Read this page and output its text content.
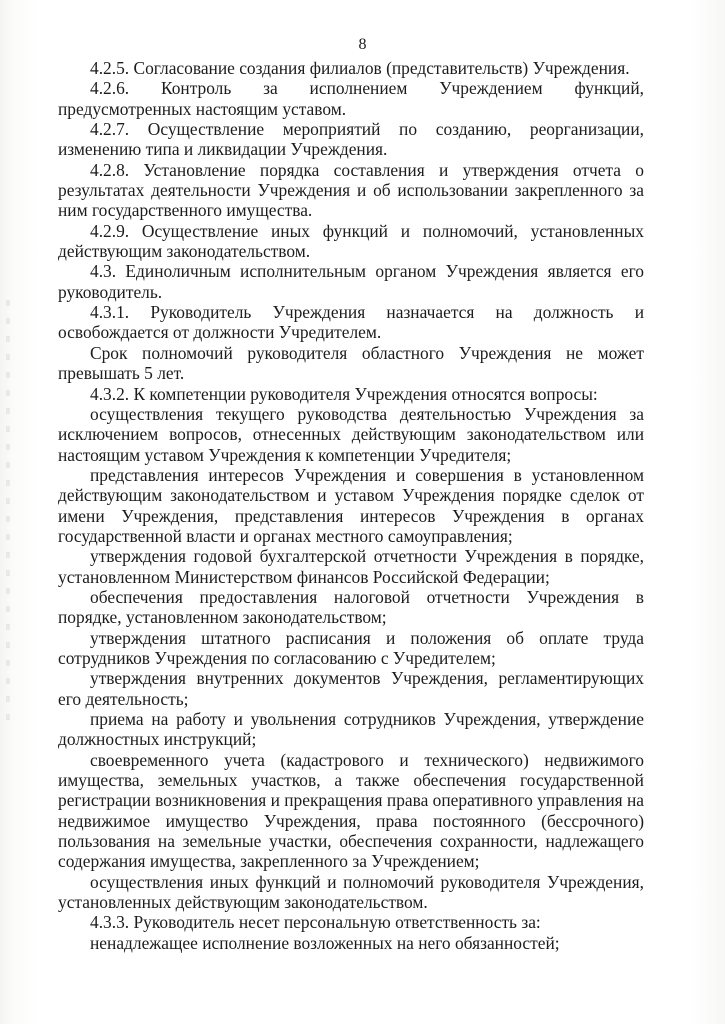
8

4.2.5. Согласование создания филиалов (представительств) Учреждения.

4.2.6. Контроль за исполнением Учреждением функций, предусмотренных настоящим уставом.

4.2.7. Осуществление мероприятий по созданию, реорганизации, изменению типа и ликвидации Учреждения.

4.2.8. Установление порядка составления и утверждения отчета о результатах деятельности Учреждения и об использовании закрепленного за ним государственного имущества.

4.2.9. Осуществление иных функций и полномочий, установленных действующим законодательством.

4.3. Единоличным исполнительным органом Учреждения является его руководитель.

4.3.1. Руководитель Учреждения назначается на должность и освобождается от должности Учредителем.

Срок полномочий руководителя областного Учреждения не может превышать 5 лет.

4.3.2. К компетенции руководителя Учреждения относятся вопросы:

осуществления текущего руководства деятельностью Учреждения за исключением вопросов, отнесенных действующим законодательством или настоящим уставом Учреждения к компетенции Учредителя;

представления интересов Учреждения и совершения в установленном действующим законодательством и уставом Учреждения порядке сделок от имени Учреждения, представления интересов Учреждения в органах государственной власти и органах местного самоуправления;

утверждения годовой бухгалтерской отчетности Учреждения в порядке, установленном Министерством финансов Российской Федерации;

обеспечения предоставления налоговой отчетности Учреждения в порядке, установленном законодательством;

утверждения штатного расписания и положения об оплате труда сотрудников Учреждения по согласованию с Учредителем;

утверждения внутренних документов Учреждения, регламентирующих его деятельность;

приема на работу и увольнения сотрудников Учреждения, утверждение должностных инструкций;

своевременного учета (кадастрового и технического) недвижимого имущества, земельных участков, а также обеспечения государственной регистрации возникновения и прекращения права оперативного управления на недвижимое имущество Учреждения, права постоянного (бессрочного) пользования на земельные участки, обеспечения сохранности, надлежащего содержания имущества, закрепленного за Учреждением;

осуществления иных функций и полномочий руководителя Учреждения, установленных действующим законодательством.

4.3.3. Руководитель несет персональную ответственность за:

ненадлежащее исполнение возложенных на него обязанностей;
